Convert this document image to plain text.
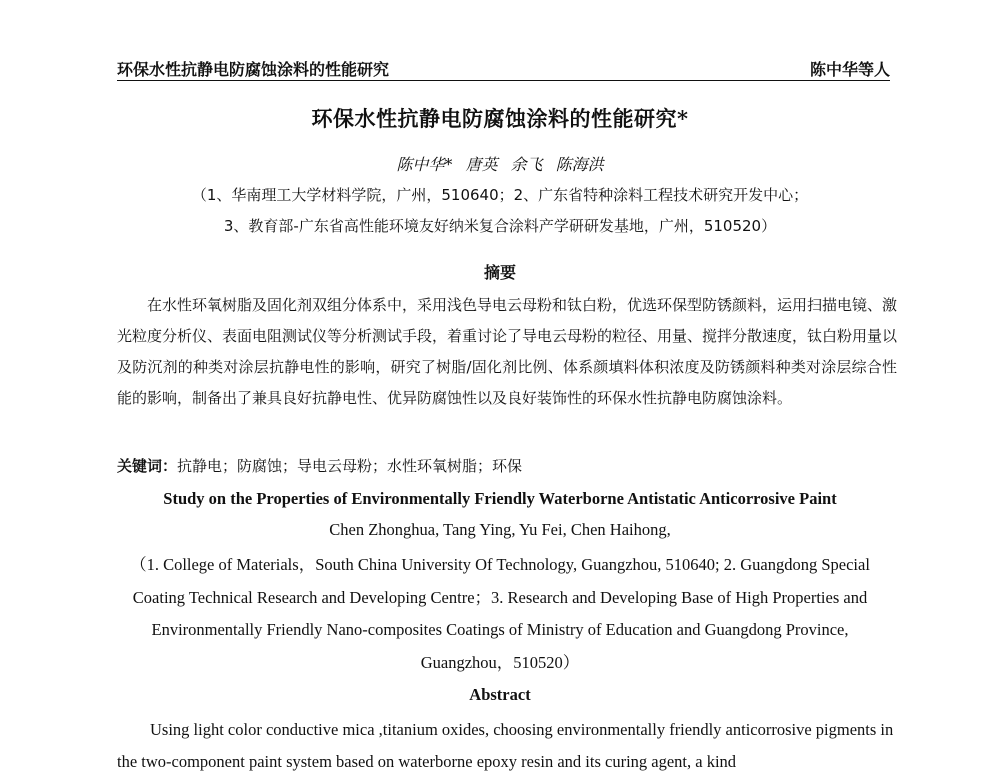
环保水性抗静电防腐蚀涂料的性能研究	陈中华等人
环保水性抗静电防腐蚀涂料的性能研究*
陈中华* 唐英 余飞 陈海洪
（1、华南理工大学材料学院，广州，510640；2、广东省特种涂料工程技术研究开发中心；
3、教育部-广东省高性能环境友好纳米复合涂料产学研研发基地，广州，510520）
摘要
在水性环氧树脂及固化剂双组分体系中，采用浅色导电云母粉和钛白粉，优选环保型防锈颜料，运用扫描电镜、激光粒度分析仪、表面电阻测试仪等分析测试手段，着重讨论了导电云母粉的粒径、用量、搅拌分散速度，钛白粉用量以及防沉剂的种类对涂层抗静电性的影响，研究了树脂/固化剂比例、体系颜填料体积浓度及防锈颜料种类对涂层综合性能的影响，制备出了兼具良好抗静电性、优异防腐蚀性以及良好装饰性的环保水性抗静电防腐蚀涂料。
关键词：抗静电；防腐蚀；导电云母粉；水性环氧树脂；环保
Study on the Properties of Environmentally Friendly Waterborne Antistatic Anticorrosive Paint
Chen Zhonghua, Tang Ying, Yu Fei, Chen Haihong,
（1. College of Materials，South China University Of Technology, Guangzhou, 510640; 2. Guangdong Special Coating Technical Research and Developing Centre；3. Research and Developing Base of High Properties and Environmentally Friendly Nano-composites Coatings of Ministry of Education and Guangdong Province, Guangzhou，510520）
Abstract
Using light color conductive mica ,titanium oxides, choosing environmentally friendly anticorrosive pigments in the two-component paint system based on waterborne epoxy resin and its curing agent, a kind
